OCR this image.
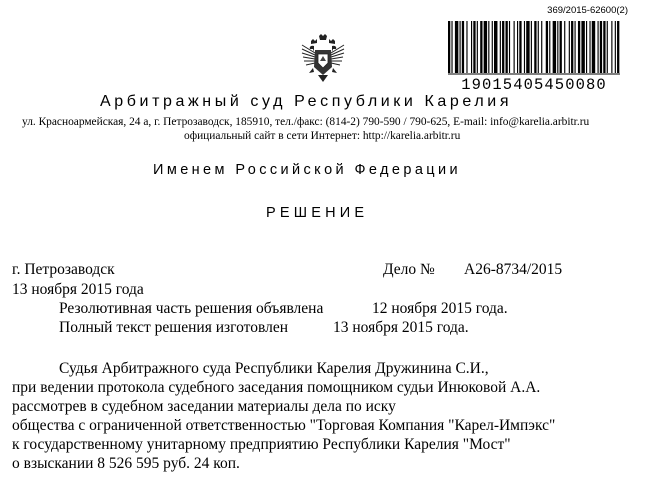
369/2015-62600(2)
19015405450080
Арбитражный суд Республики Карелия
ул. Красноармейская, 24 а, г. Петрозаводск, 185910, тел./факс: (814-2) 790-590 / 790-625, E-mail: info@karelia.arbitr.ru
официальный сайт в сети Интернет: http://karelia.arbitr.ru
Именем Российской Федерации
РЕШЕНИЕ
г. Петрозаводск	Дело № А26-8734/2015
13 ноября 2015 года
Резолютивная часть решения объявлена	12 ноября 2015 года.
Полный текст решения изготовлен	13 ноября 2015 года.
Судья Арбитражного суда Республики Карелия Дружинина С.И.,
при ведении протокола судебного заседания помощником судьи Инюковой А.А.
рассмотрев в судебном заседании материалы дела по иску
общества с ограниченной ответственностью "Торговая Компания "Карел-Импэкс"
к государственному унитарному предприятию Республики Карелия "Мост"
о взыскании 8 526 595 руб. 24 коп.
